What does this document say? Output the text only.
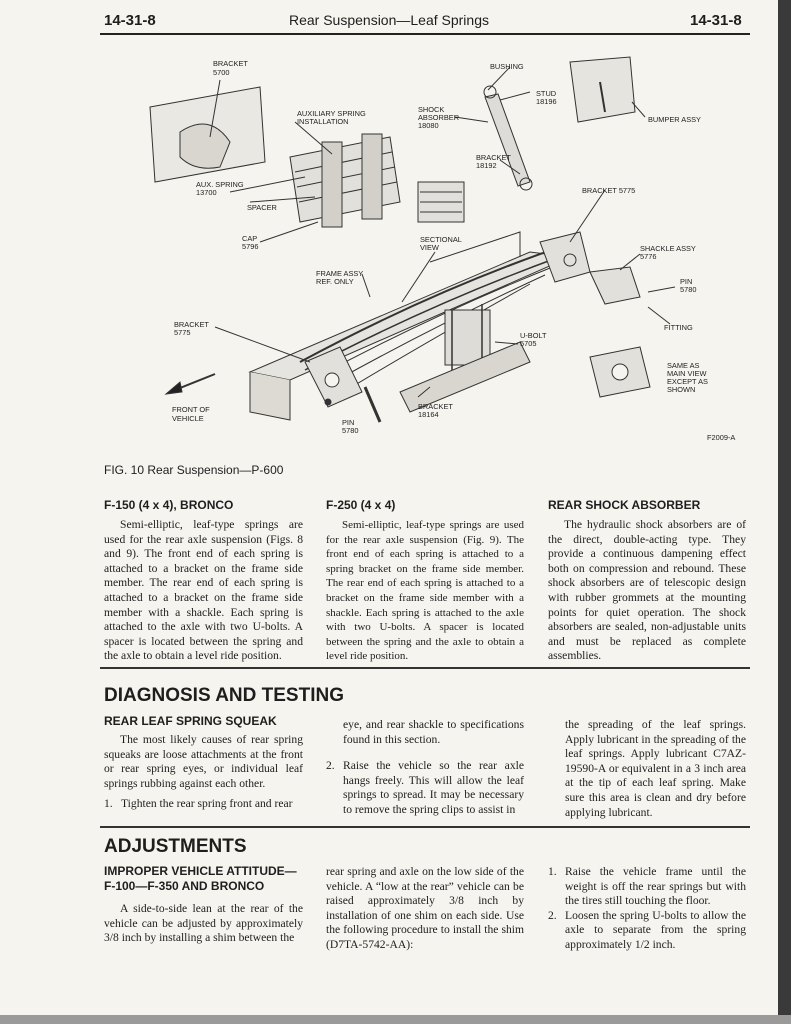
14-31-8	Rear Suspension—Leaf Springs	14-31-8
BRACKET
5700
AUXILIARY SPRING
INSTALLATION
BUSHING
STUD
18196
SHOCK
ABSORBER
18080
BRACKET
18192
BUMPER ASSY
AUX. SPRING
13700
SPACER
BRACKET 5775
CAP
5796
SECTIONAL
VIEW	SHACKLE ASSY
5776
FRAME ASSY
REF. ONLY	PIN
5780
BRACKET
5775
FITTING
U-BOLT
5705
SAME AS
MAIN VIEW
EXCEPT AS
SHOWN
FRONT OF
VEHICLE
BRACKET
18164
PIN
5780
F2009-A
FIG. 10 Rear Suspension—P-600
F-150 (4 x 4), BRONCO

Semi-elliptic, leaf-type springs are used for the rear axle suspension (Figs. 8 and 9). The front end of each spring is attached to a bracket on the frame side member. The rear end of each spring is attached to a bracket on the frame side member with a shackle. Each spring is attached to the axle with two U-bolts. A spacer is located between the spring and the axle to obtain a level ride position.

F-250 (4 x 4)

Semi-elliptic, leaf-type springs are used for the rear axle suspension (Fig. 9). The front end of each spring is attached to a spring bracket on the frame side member. The rear end of each spring is attached to a bracket on the frame side member with a shackle. Each spring is attached to the axle with two U-bolts. A spacer is located between the spring and the axle to obtain a level ride position.

REAR SHOCK ABSORBER

The hydraulic shock absorbers are of the direct, double-acting type. They provide a continuous dampening effect both on compression and rebound. These shock absorbers are of telescopic design with rubber grommets at the mounting points for quiet operation. The shock absorbers are sealed, non-adjustable units and must be replaced as complete assemblies.

DIAGNOSIS AND TESTING
REAR LEAF SPRING SQUEAK

The most likely causes of rear spring squeaks are loose attachments at the front or rear spring eyes, or individual leaf springs rubbing against each other.

1. Tighten the rear spring front and rear
eye, and rear shackle to specifications found in this section.
2. Raise the vehicle so the rear axle hangs freely. This will allow the leaf springs to spread. It may be necessary to remove the spring clips to assist in
the spreading of the leaf springs. Apply lubricant in the spreading of the leaf springs. Apply lubricant C7AZ-19590-A or equivalent in a 3 inch area at the tip of each leaf spring. Make sure this area is clean and dry before applying lubricant.
ADJUSTMENTS
IMPROPER VEHICLE ATTITUDE—
F-100—F-350 AND BRONCO

A side-to-side lean at the rear of the vehicle can be adjusted by approximately 3/8 inch by installing a shim between the

rear spring and axle on the low side of the vehicle. A “low at the rear” vehicle can be raised approximately 3/8 inch by installation of one shim on each side. Use the following procedure to install the shim (D7TA-5742-AA):
1. Raise the vehicle frame until the weight is off the rear springs but with the tires still touching the floor.
2. Loosen the spring U-bolts to allow the axle to separate from the spring approximately 1/2 inch.
